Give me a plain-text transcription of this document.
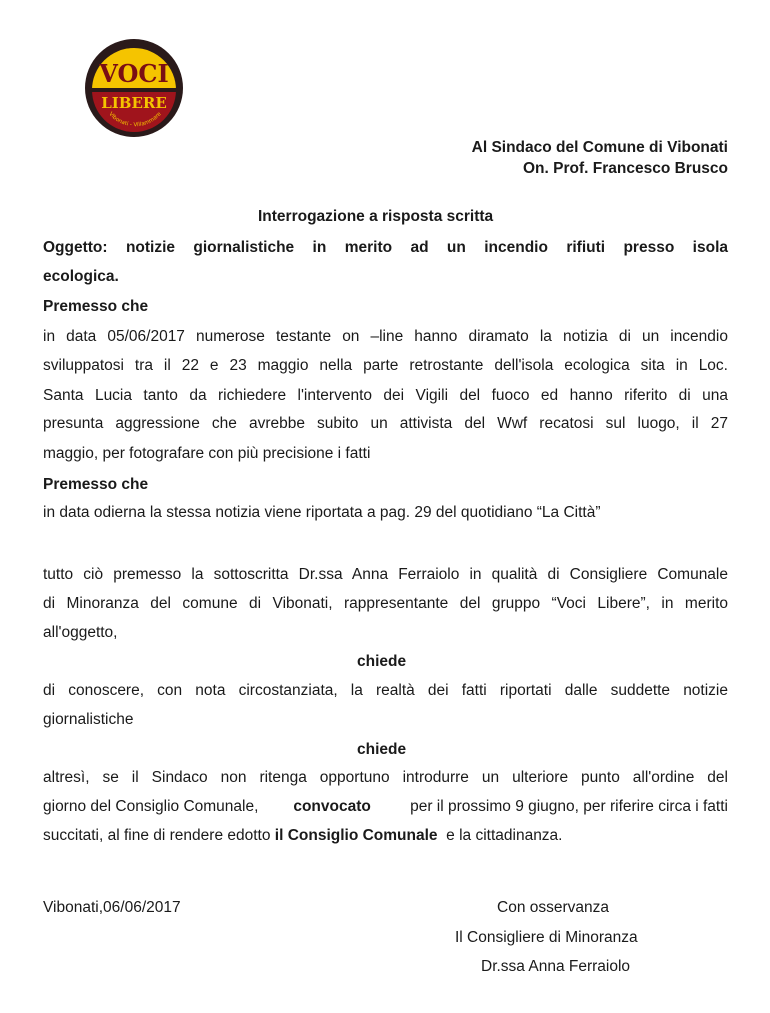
VOCI
LIBERE
Vibonati - Villammare
Al Sindaco del Comune di Vibonati
On. Prof. Francesco Brusco
Interrogazione a risposta scritta
Oggetto: notizie giornalistiche in merito ad un incendio rifiuti presso isola
ecologica.
Premesso che
in data 05/06/2017 numerose testante on –line hanno diramato la notizia di un incendio
sviluppatosi tra il 22 e 23 maggio nella parte retrostante dell'isola ecologica sita in Loc.
Santa Lucia tanto da richiedere l'intervento dei Vigili del fuoco ed hanno riferito di una
presunta aggressione che avrebbe subito un attivista del Wwf recatosi sul luogo, il 27
maggio, per fotografare con più precisione i fatti
Premesso che
in data odierna la stessa notizia viene riportata a pag. 29 del quotidiano “La Città”
tutto ciò premesso la sottoscritta Dr.ssa Anna Ferraiolo in qualità di Consigliere Comunale
di Minoranza del comune di Vibonati, rappresentante del gruppo “Voci Libere”, in merito
all'oggetto,
chiede
di conoscere, con nota circostanziata, la realtà dei fatti riportati dalle suddette notizie
giornalistiche
chiede
altresì, se il Sindaco non ritenga opportuno introdurre un ulteriore punto all'ordine del
giorno del Consiglio Comunale, convocato per il prossimo 9 giugno, per riferire circa i fatti
succitati, al fine di rendere edotto il Consiglio Comunale  e la cittadinanza.
Vibonati,06/06/2017	Con osservanza
Il Consigliere di Minoranza
Dr.ssa Anna Ferraiolo
